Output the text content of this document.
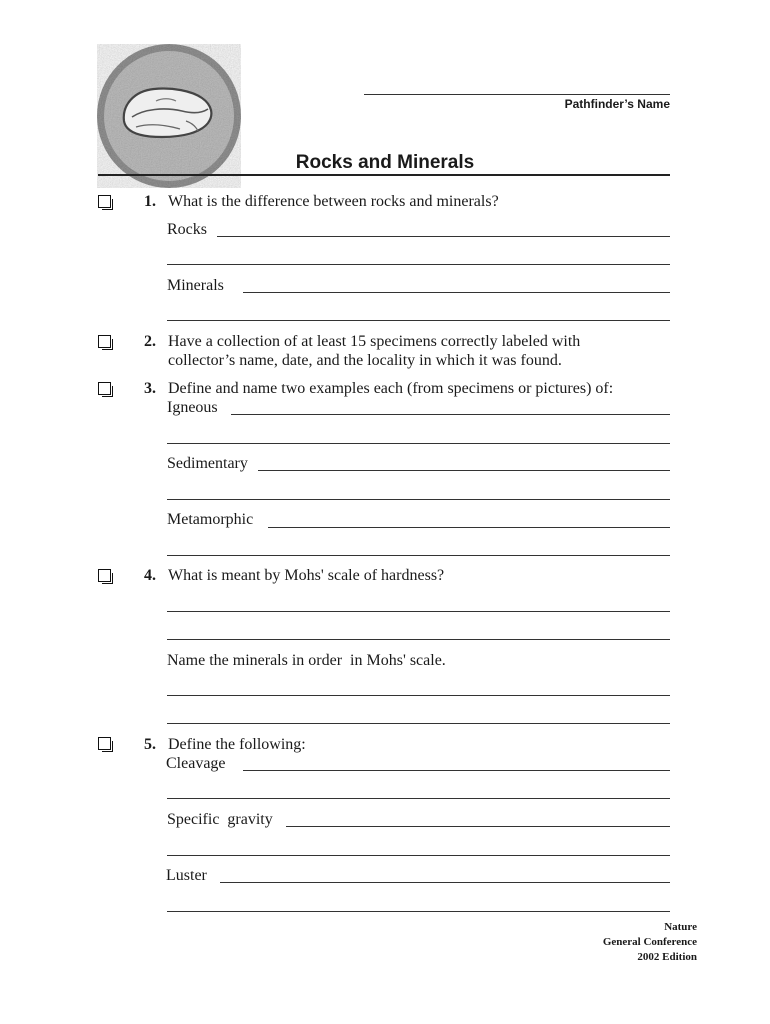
Pathfinder’s Name
Rocks and Minerals
1. What is the difference between rocks and minerals?
Rocks
Minerals
2. Have a collection of at least 15 specimens correctly labeled with
collector’s name, date, and the locality in which it was found.
3. Define and name two examples each (from specimens or pictures) of:
Igneous
Sedimentary
Metamorphic
4. What is meant by Mohs' scale of hardness?
Name the minerals in order  in Mohs' scale.
5. Define the following:
Cleavage
Specific  gravity
Luster
Nature
General Conference
2002 Edition
